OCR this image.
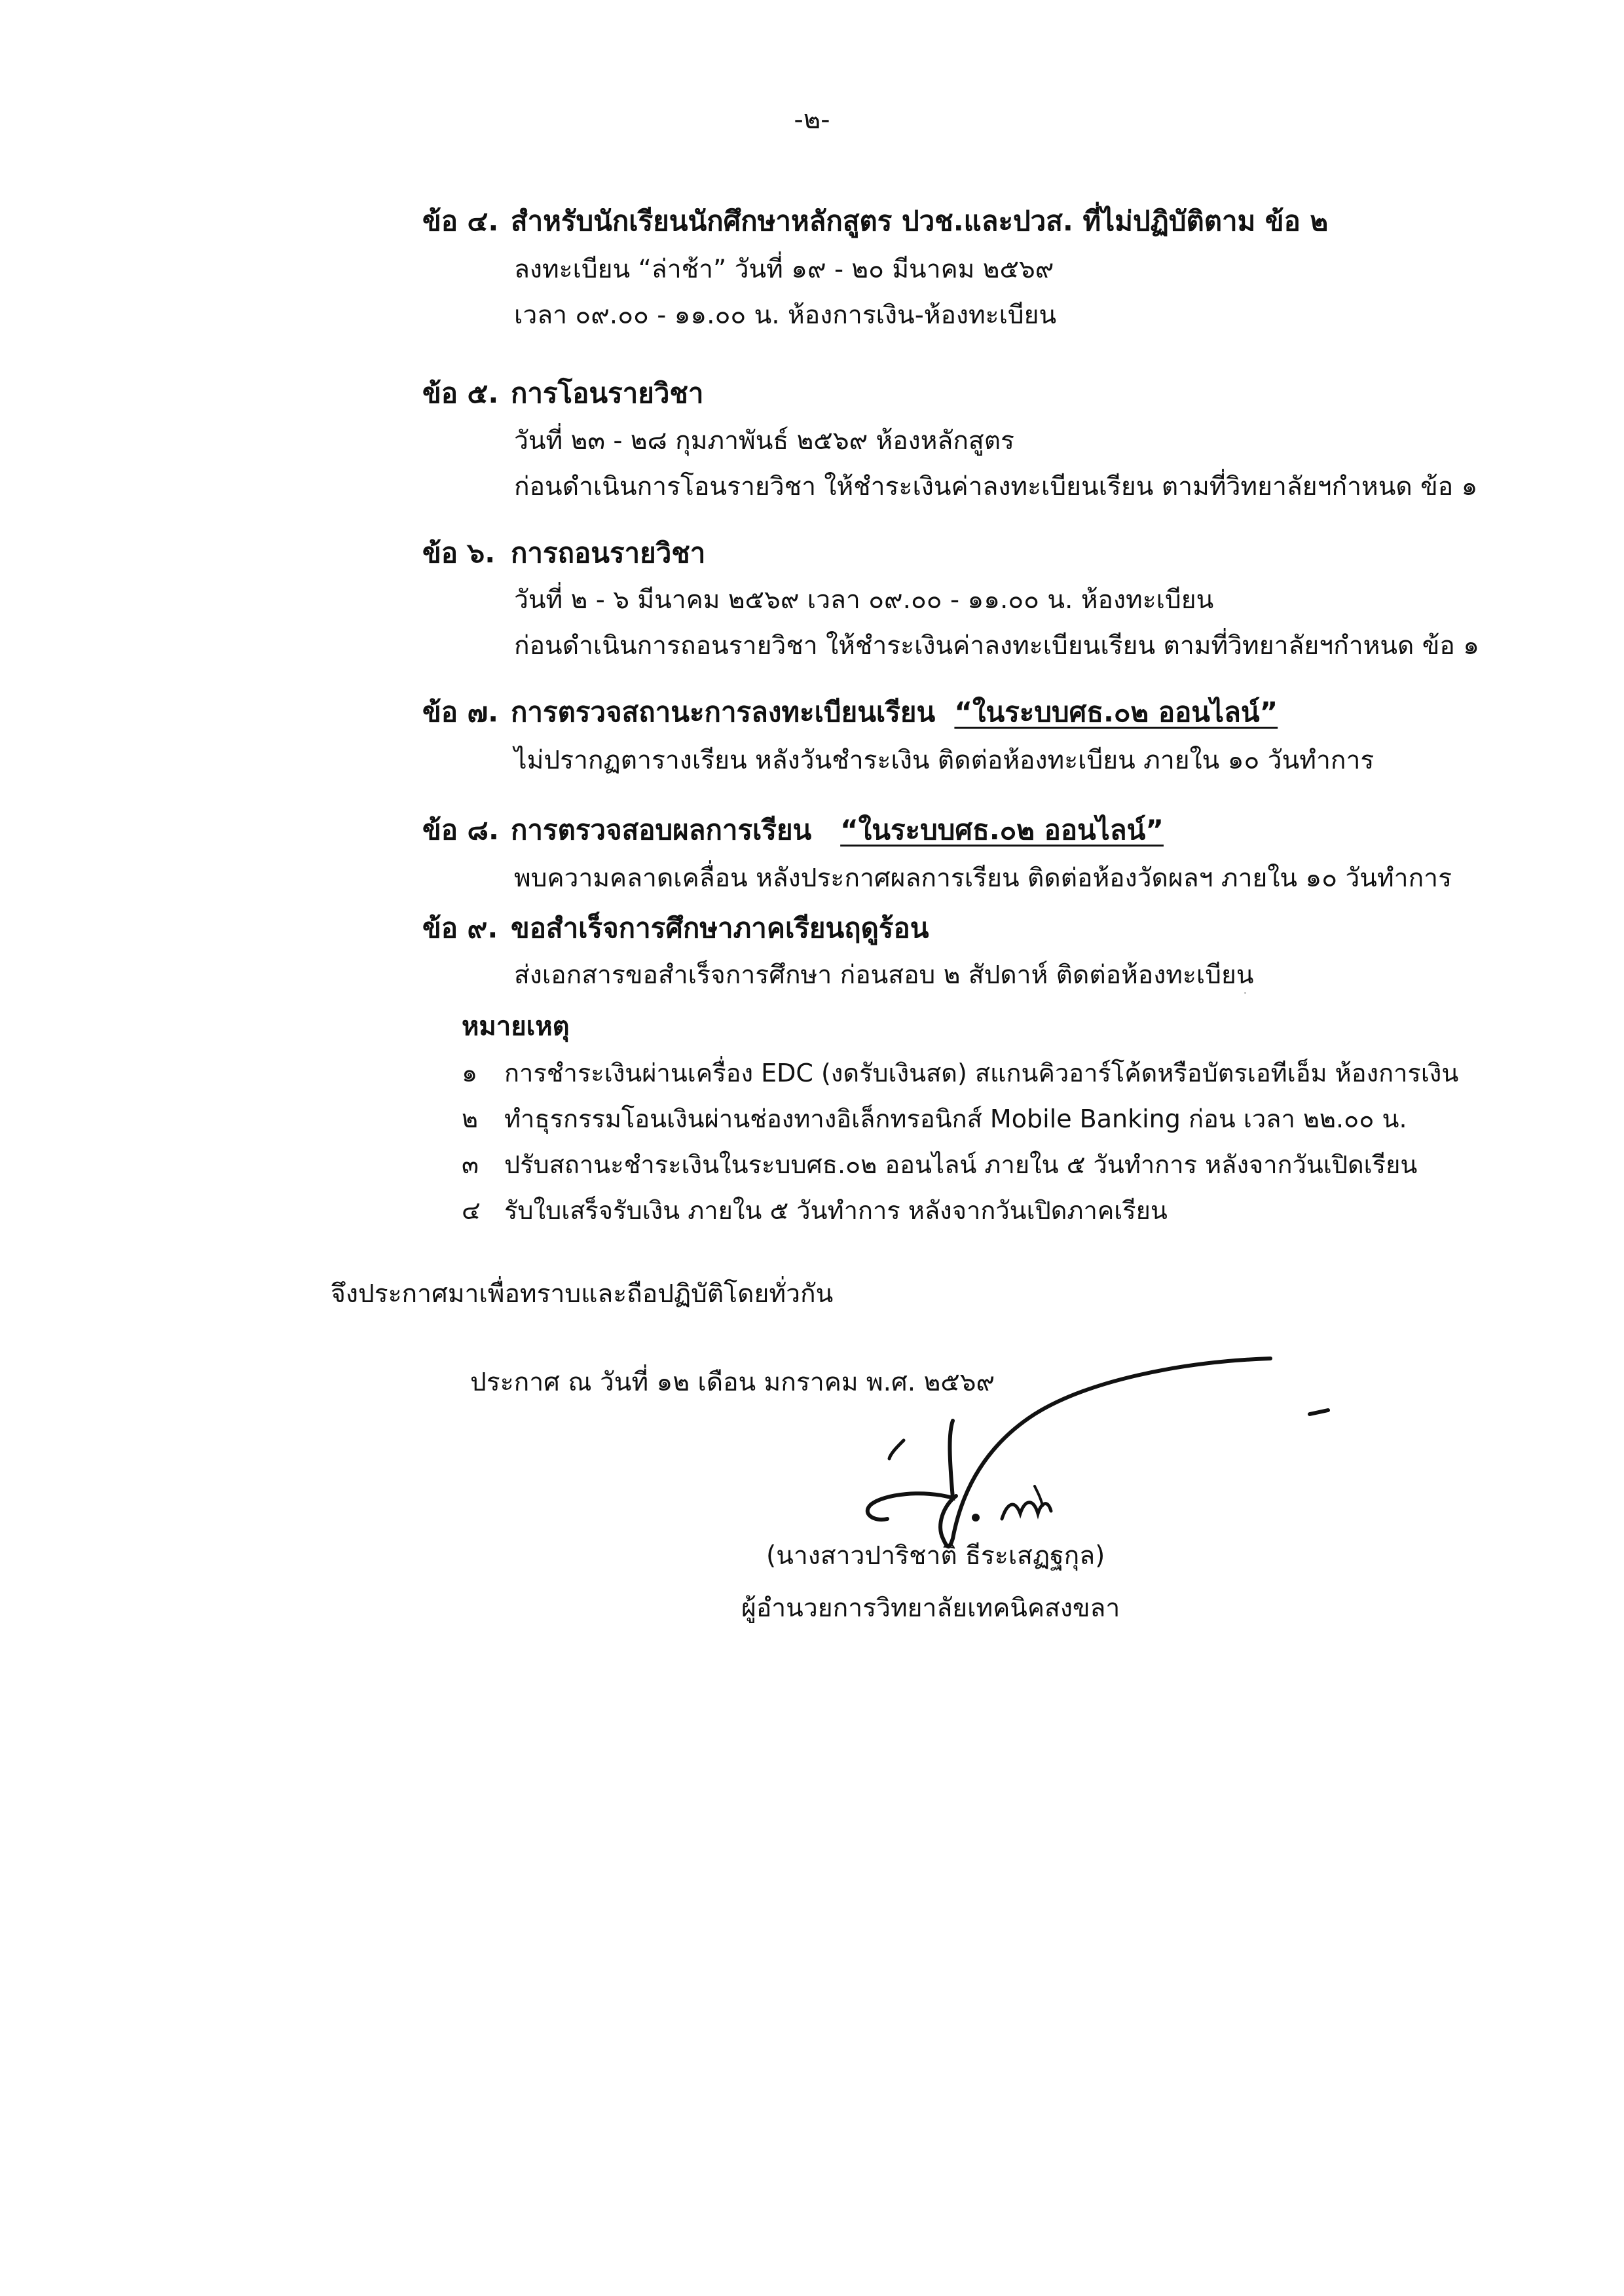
-๒-
ข้อ ๔. สำหรับนักเรียนนักศึกษาหลักสูตร ปวช.และปวส. ที่ไม่ปฏิบัติตาม ข้อ ๒
ลงทะเบียน “ล่าช้า” วันที่ ๑๙ - ๒๐ มีนาคม ๒๕๖๙
เวลา ๐๙.๐๐ - ๑๑.๐๐ น. ห้องการเงิน-ห้องทะเบียน
ข้อ ๕. การโอนรายวิชา
วันที่ ๒๓ - ๒๘ กุมภาพันธ์ ๒๕๖๙ ห้องหลักสูตร
ก่อนดำเนินการโอนรายวิชา ให้ชำระเงินค่าลงทะเบียนเรียน ตามที่วิทยาลัยฯกำหนด ข้อ ๑
ข้อ ๖. การถอนรายวิชา
วันที่ ๒ - ๖ มีนาคม ๒๕๖๙ เวลา ๐๙.๐๐ - ๑๑.๐๐ น. ห้องทะเบียน
ก่อนดำเนินการถอนรายวิชา ให้ชำระเงินค่าลงทะเบียนเรียน ตามที่วิทยาลัยฯกำหนด ข้อ ๑
ข้อ ๗. การตรวจสถานะการลงทะเบียนเรียน “ในระบบศธ.๐๒ ออนไลน์”
ไม่ปรากฏตารางเรียน หลังวันชำระเงิน ติดต่อห้องทะเบียน ภายใน ๑๐ วันทำการ
ข้อ ๘. การตรวจสอบผลการเรียน “ในระบบศธ.๐๒ ออนไลน์”
พบความคลาดเคลื่อน หลังประกาศผลการเรียน ติดต่อห้องวัดผลฯ ภายใน ๑๐ วันทำการ
ข้อ ๙. ขอสำเร็จการศึกษาภาคเรียนฤดูร้อน
ส่งเอกสารขอสำเร็จการศึกษา ก่อนสอบ ๒ สัปดาห์ ติดต่อห้องทะเบียน
หมายเหตุ
๑ การชำระเงินผ่านเครื่อง EDC (งดรับเงินสด) สแกนคิวอาร์โค้ดหรือบัตรเอทีเอ็ม ห้องการเงิน
๒ ทำธุรกรรมโอนเงินผ่านช่องทางอิเล็กทรอนิกส์ Mobile Banking ก่อน เวลา ๒๒.๐๐ น.
๓ ปรับสถานะชำระเงินในระบบศธ.๐๒ ออนไลน์ ภายใน ๕ วันทำการ หลังจากวันเปิดเรียน
๔ รับใบเสร็จรับเงิน ภายใน ๕ วันทำการ หลังจากวันเปิดภาคเรียน
จึงประกาศมาเพื่อทราบและถือปฏิบัติโดยทั่วกัน
ประกาศ ณ วันที่ ๑๒ เดือน มกราคม พ.ศ. ๒๕๖๙
(นางสาวปาริชาติ ธีระเสฏฐกุล)
ผู้อำนวยการวิทยาลัยเทคนิคสงขลา
